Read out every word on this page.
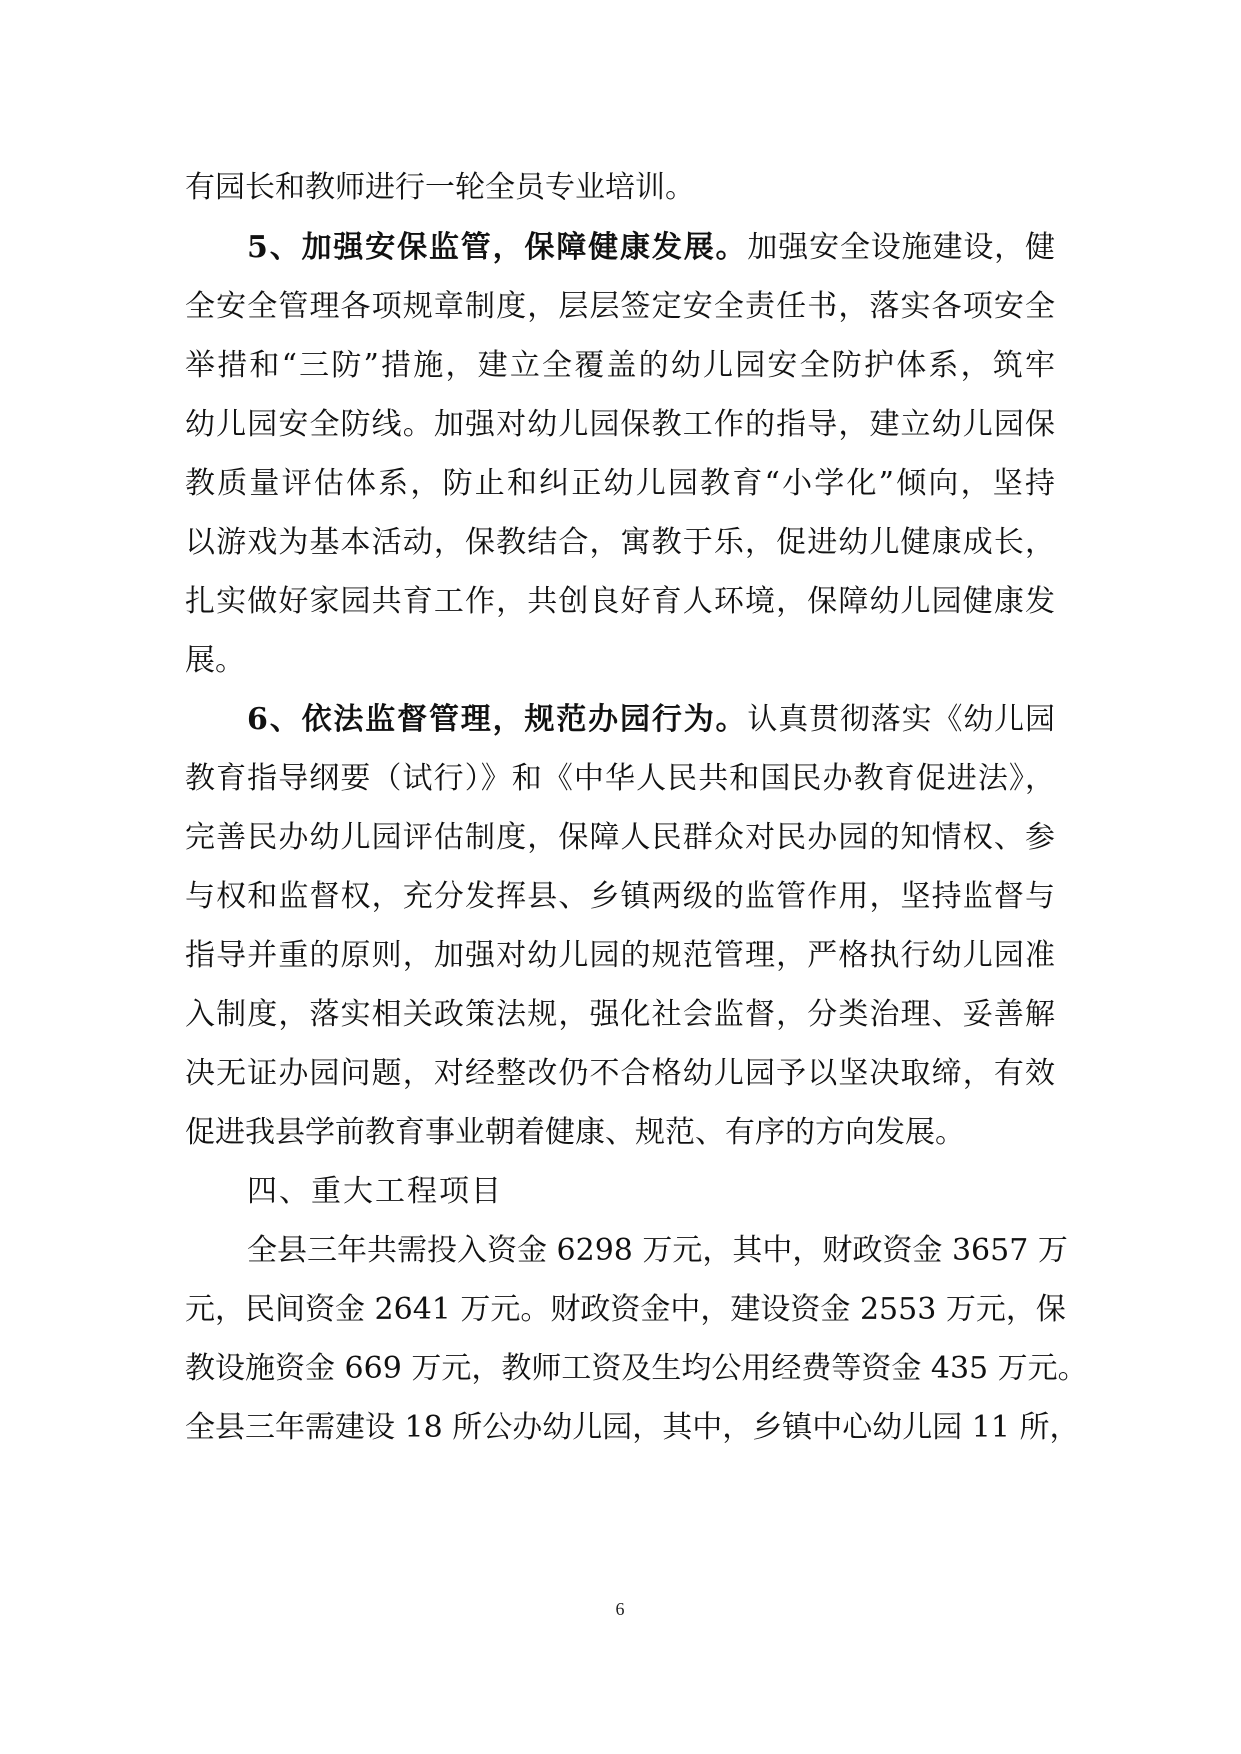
有园长和教师进行一轮全员专业培训。
5、加强安保监管，保障健康发展。加强安全设施建设，健
全安全管理各项规章制度，层层签定安全责任书，落实各项安全
举措和“三防”措施，建立全覆盖的幼儿园安全防护体系，筑牢
幼儿园安全防线。加强对幼儿园保教工作的指导，建立幼儿园保
教质量评估体系，防止和纠正幼儿园教育“小学化”倾向，坚持
以游戏为基本活动，保教结合，寓教于乐，促进幼儿健康成长，
扎实做好家园共育工作，共创良好育人环境，保障幼儿园健康发
展。
6、依法监督管理，规范办园行为。认真贯彻落实《幼儿园
教育指导纲要（试行）》和《中华人民共和国民办教育促进法》，
完善民办幼儿园评估制度，保障人民群众对民办园的知情权、参
与权和监督权，充分发挥县、乡镇两级的监管作用，坚持监督与
指导并重的原则，加强对幼儿园的规范管理，严格执行幼儿园准
入制度，落实相关政策法规，强化社会监督，分类治理、妥善解
决无证办园问题，对经整改仍不合格幼儿园予以坚决取缔，有效
促进我县学前教育事业朝着健康、规范、有序的方向发展。
四、重大工程项目
全县三年共需投入资金 6298 万元，其中，财政资金 3657 万
元，民间资金 2641 万元。财政资金中，建设资金 2553 万元，保
教设施资金 669 万元，教师工资及生均公用经费等资金 435 万元。
全县三年需建设 18 所公办幼儿园，其中，乡镇中心幼儿园 11 所，
6
